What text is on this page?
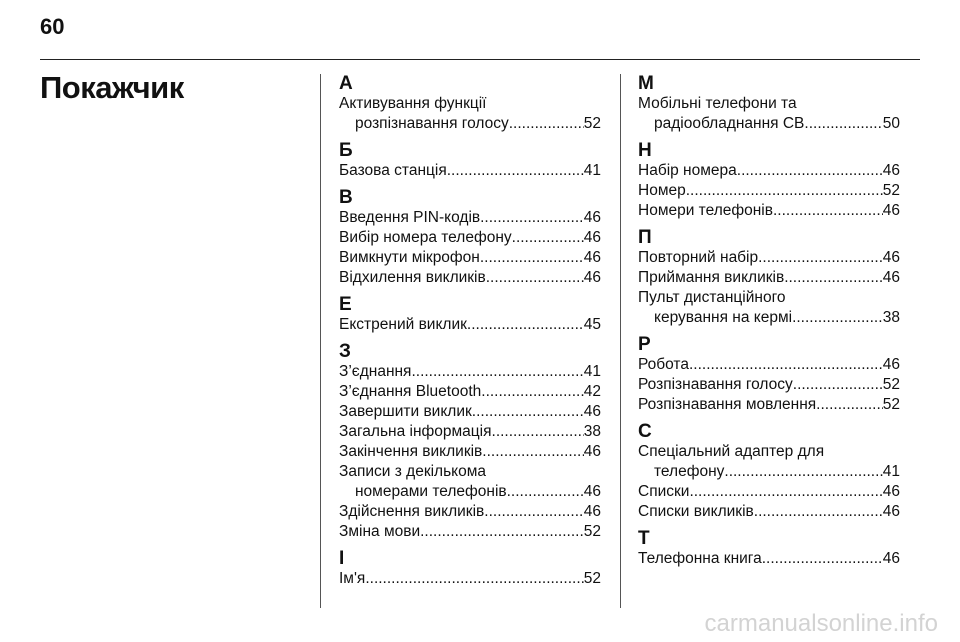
60
Покажчик	А
Активування функції
розпізнавання голосу .....	52
Б
Базова станція .....	41
В
Введення PIN-кодів .....	46
Вибір номера телефону .....	46
Вимкнути мікрофон .....	46
Відхилення викликів .....	46
Е
Екстрений виклик .....	45
З
З’єднання .....	41
З’єднання Bluetooth .....	42
Завершити виклик .....	46
Загальна інформація .....	38
Закінчення викликів .....	46
Записи з декількома
номерами телефонів .....	46
Здійснення викликів .....	46
Зміна мови .....	52
І
Ім'я .....	52
М
Мобільні телефони та
радіообладнання СВ .....	50
Н
Набір номера .....	46
Номер .....	52
Номери телефонів .....	46
П
Повторний набір .....	46
Приймання викликів .....	46
Пульт дистанційного
керування на кермі .....	38
Р
Робота .....	46
Розпізнавання голосу .....	52
Розпізнавання мовлення .....	52
С
Спеціальний адаптер для
телефону .....	41
Списки .....	46
Списки викликів .....	46
Т
Телефонна книга .....	46
carmanualsonline.info
